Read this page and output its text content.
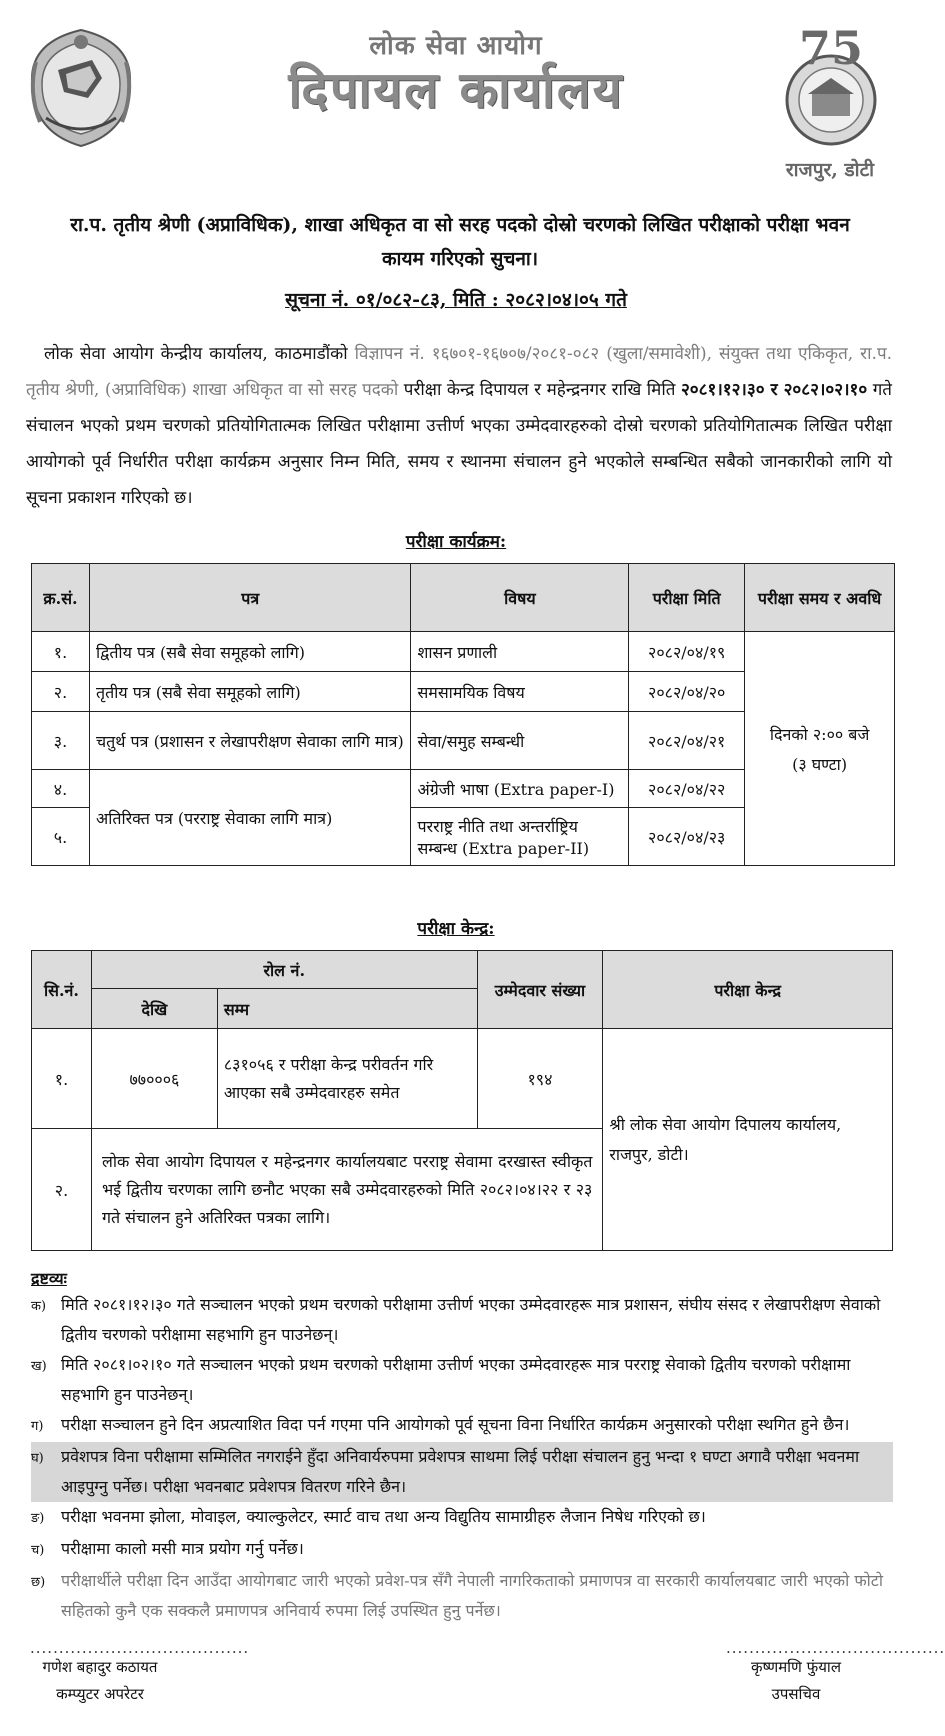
लोक सेवा आयोग
दिपायल कार्यालय
75
राजपुर, डोटी
रा.प. तृतीय श्रेणी (अप्राविधिक), शाखा अधिकृत वा सो सरह पदको दोस्रो चरणको लिखित परीक्षाको परीक्षा भवन कायम गरिएको सुचना।
सूचना नं. ०१/०८२-८३, मिति : २०८२।०४।०५ गते
लोक सेवा आयोग केन्द्रीय कार्यालय, काठमाडौंको विज्ञापन नं. १६७०१-१६७०७/२०८१-०८२ (खुला/समावेशी), संयुक्त तथा एकिकृत, रा.प. तृतीय श्रेणी, (अप्राविधिक) शाखा अधिकृत वा सो सरह पदको परीक्षा केन्द्र दिपायल र महेन्द्रनगर राखि मिति २०८१।१२।३० र २०८२।०२।१० गते संचालन भएको प्रथम चरणको प्रतियोगितात्मक लिखित परीक्षामा उत्तीर्ण भएका उम्मेदवारहरुको दोस्रो चरणको प्रतियोगितात्मक लिखित परीक्षा आयोगको पूर्व निर्धारीत परीक्षा कार्यक्रम अनुसार निम्न मिति, समय र स्थानमा संचालन हुने भएकोले सम्बन्धित सबैको जानकारीको लागि यो सूचना प्रकाशन गरिएको छ।
परीक्षा कार्यक्रम:
क्र.सं.	पत्र	विषय	परीक्षा मिति	परीक्षा समय र अवधि
१.	द्वितीय पत्र (सबै सेवा समूहको लागि)	शासन प्रणाली	२०८२/०४/१९	दिनको २:०० बजे
(३ घण्टा)

२.	तृतीय पत्र (सबै सेवा समूहको लागि)	समसामयिक विषय	२०८२/०४/२०	
३.	चतुर्थ पत्र (प्रशासन र लेखापरीक्षण सेवाका लागि मात्र)	सेवा/समुह सम्बन्धी	२०८२/०४/२१	
४.	अतिरिक्त पत्र (परराष्ट्र सेवाका लागि मात्र)	अंग्रेजी भाषा (Extra paper-I)	२०८२/०४/२२	
५.		परराष्ट्र नीति तथा अन्तर्राष्ट्रिय सम्बन्ध (Extra paper-II)	२०८२/०४/२३	
परीक्षा केन्द्र:
सि.नं.	रोल नं.		उम्मेदवार संख्या	परीक्षा केन्द्र
	देखि	सम्म		
१.	७७०००६	८३१०५६ र परीक्षा केन्द्र परीवर्तन गरि आएका सबै उम्मेदवारहरु समेत	१९४	श्री लोक सेवा आयोग दिपालय कार्यालय, राजपुर, डोटी।
२.	लोक सेवा आयोग दिपायल र महेन्द्रनगर कार्यालयबाट परराष्ट्र सेवामा दरखास्त स्वीकृत भई द्वितीय चरणका लागि छनौट भएका सबै उम्मेदवारहरुको मिति २०८२।०४।२२ र २३ गते संचालन हुने अतिरिक्त पत्रका लागि।			
द्रष्टव्यः
क) मिति २०८१।१२।३० गते सञ्चालन भएको प्रथम चरणको परीक्षामा उत्तीर्ण भएका उम्मेदवारहरू मात्र प्रशासन, संघीय संसद र लेखापरीक्षण सेवाको द्वितीय चरणको परीक्षामा सहभागि हुन पाउनेछन्।
ख) मिति २०८१।०२।१० गते सञ्चालन भएको प्रथम चरणको परीक्षामा उत्तीर्ण भएका उम्मेदवारहरू मात्र परराष्ट्र सेवाको द्वितीय चरणको परीक्षामा सहभागि हुन पाउनेछन्।
ग)	परीक्षा सञ्चालन हुने दिन अप्रत्याशित विदा पर्न गएमा पनि आयोगको पूर्व सूचना विना निर्धारित कार्यक्रम अनुसारको परीक्षा स्थगित हुने छैन।
घ)	प्रवेशपत्र विना परीक्षामा सम्मिलित नगराईने हुँदा अनिवार्यरुपमा प्रवेशपत्र साथमा लिई परीक्षा संचालन हुनु भन्दा १ घण्टा अगावै परीक्षा भवनमा आइपुग्नु पर्नेछ। परीक्षा भवनबाट प्रवेशपत्र वितरण गरिने छैन।
ङ)	परीक्षा भवनमा झोला, मोवाइल, क्याल्कुलेटर, स्मार्ट वाच तथा अन्य विद्युतिय सामाग्रीहरु लैजान निषेध गरिएको छ।
च)	परीक्षामा कालो मसी मात्र प्रयोग गर्नु पर्नेछ।
छ) परीक्षार्थीले परीक्षा दिन आउँदा आयोगबाट जारी भएको प्रवेश-पत्र सँगै नेपाली नागरिकताको प्रमाणपत्र वा सरकारी कार्यालयबाट जारी भएको फोटो सहितको कुनै एक सक्कलै प्रमाणपत्र अनिवार्य रुपमा लिई उपस्थित हुनु पर्नेछ।
......................................
गणेश बहादुर कठायत
कम्प्युटर अपरेटर
......................................
कृष्णमणि फुंयाल
उपसचिव
